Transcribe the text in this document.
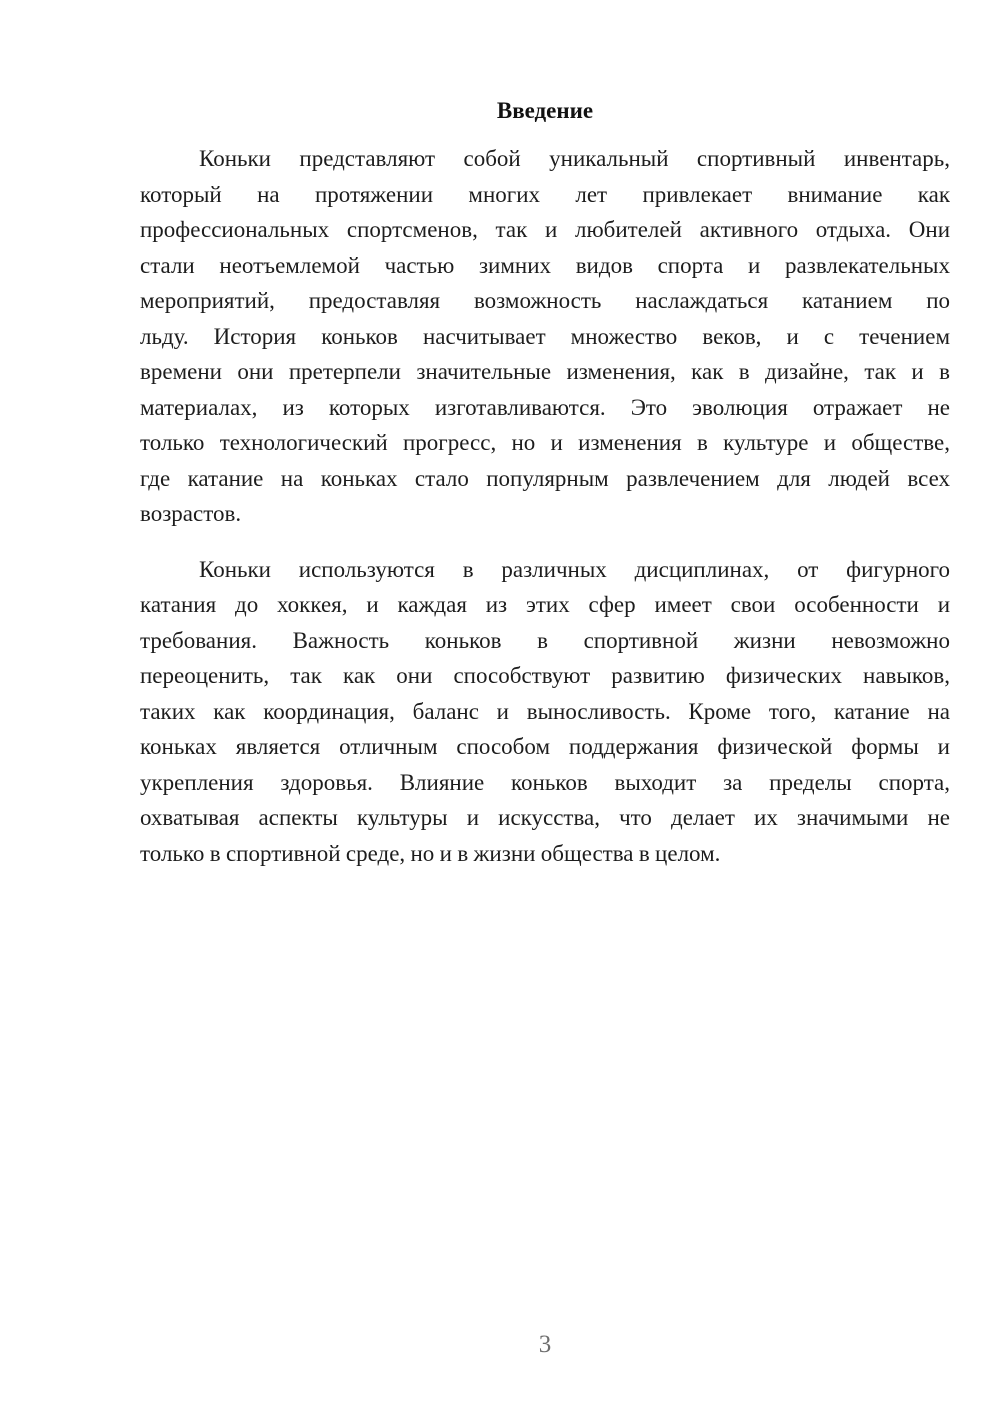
Введение
Коньки представляют собой уникальный спортивный инвентарь,
который на протяжении многих лет привлекает внимание как
профессиональных спортсменов, так и любителей активного отдыха. Они
стали неотъемлемой частью зимних видов спорта и развлекательных
мероприятий, предоставляя возможность наслаждаться катанием по
льду. История коньков насчитывает множество веков, и с течением
времени они претерпели значительные изменения, как в дизайне, так и в
материалах, из которых изготавливаются. Это эволюция отражает не
только технологический прогресс, но и изменения в культуре и обществе,
где катание на коньках стало популярным развлечением для людей всех
возрастов.
Коньки используются в различных дисциплинах, от фигурного
катания до хоккея, и каждая из этих сфер имеет свои особенности и
требования. Важность коньков в спортивной жизни невозможно
переоценить, так как они способствуют развитию физических навыков,
таких как координация, баланс и выносливость. Кроме того, катание на
коньках является отличным способом поддержания физической формы и
укрепления здоровья. Влияние коньков выходит за пределы спорта,
охватывая аспекты культуры и искусства, что делает их значимыми не
только в спортивной среде, но и в жизни общества в целом.
3
